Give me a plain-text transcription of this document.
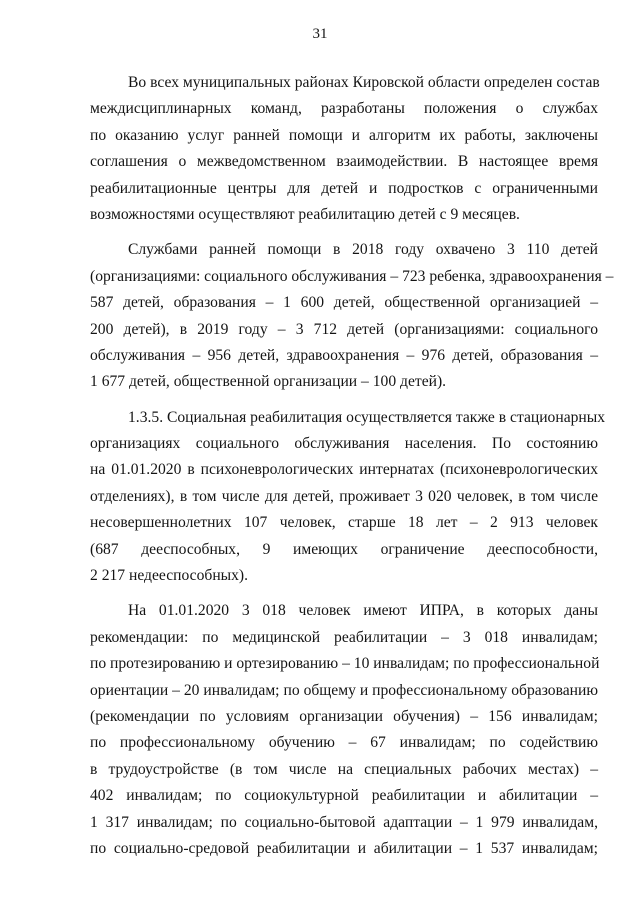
31
Во всех муниципальных районах Кировской области определен состав
междисциплинарных команд, разработаны положения о службах
по оказанию услуг ранней помощи и алгоритм их работы, заключены
соглашения о межведомственном взаимодействии. В настоящее время
реабилитационные центры для детей и подростков с ограниченными
возможностями осуществляют реабилитацию детей с 9 месяцев.
Службами ранней помощи в 2018 году охвачено 3 110 детей
(организациями: социального обслуживания – 723 ребенка, здравоохранения –
587 детей, образования – 1 600 детей, общественной организацией –
200 детей), в 2019 году – 3 712 детей (организациями: социального
обслуживания – 956 детей, здравоохранения – 976 детей, образования –
1 677 детей, общественной организации – 100 детей).
1.3.5. Социальная реабилитация осуществляется также в стационарных
организациях социального обслуживания населения. По состоянию
на 01.01.2020 в психоневрологических интернатах (психоневрологических
отделениях), в том числе для детей, проживает 3 020 человек, в том числе
несовершеннолетних 107 человек, старше 18 лет – 2 913 человек
(687 дееспособных, 9 имеющих ограничение дееспособности,
2 217 недееспособных).
На 01.01.2020 3 018 человек имеют ИПРА, в которых даны
рекомендации: по медицинской реабилитации – 3 018 инвалидам;
по протезированию и ортезированию – 10 инвалидам; по профессиональной
ориентации – 20 инвалидам; по общему и профессиональному образованию
(рекомендации по условиям организации обучения) – 156 инвалидам;
по профессиональному обучению – 67 инвалидам; по содействию
в трудоустройстве (в том числе на специальных рабочих местах) –
402 инвалидам; по социокультурной реабилитации и абилитации –
1 317 инвалидам; по социально-бытовой адаптации – 1 979 инвалидам,
по социально-средовой реабилитации и абилитации – 1 537 инвалидам;
